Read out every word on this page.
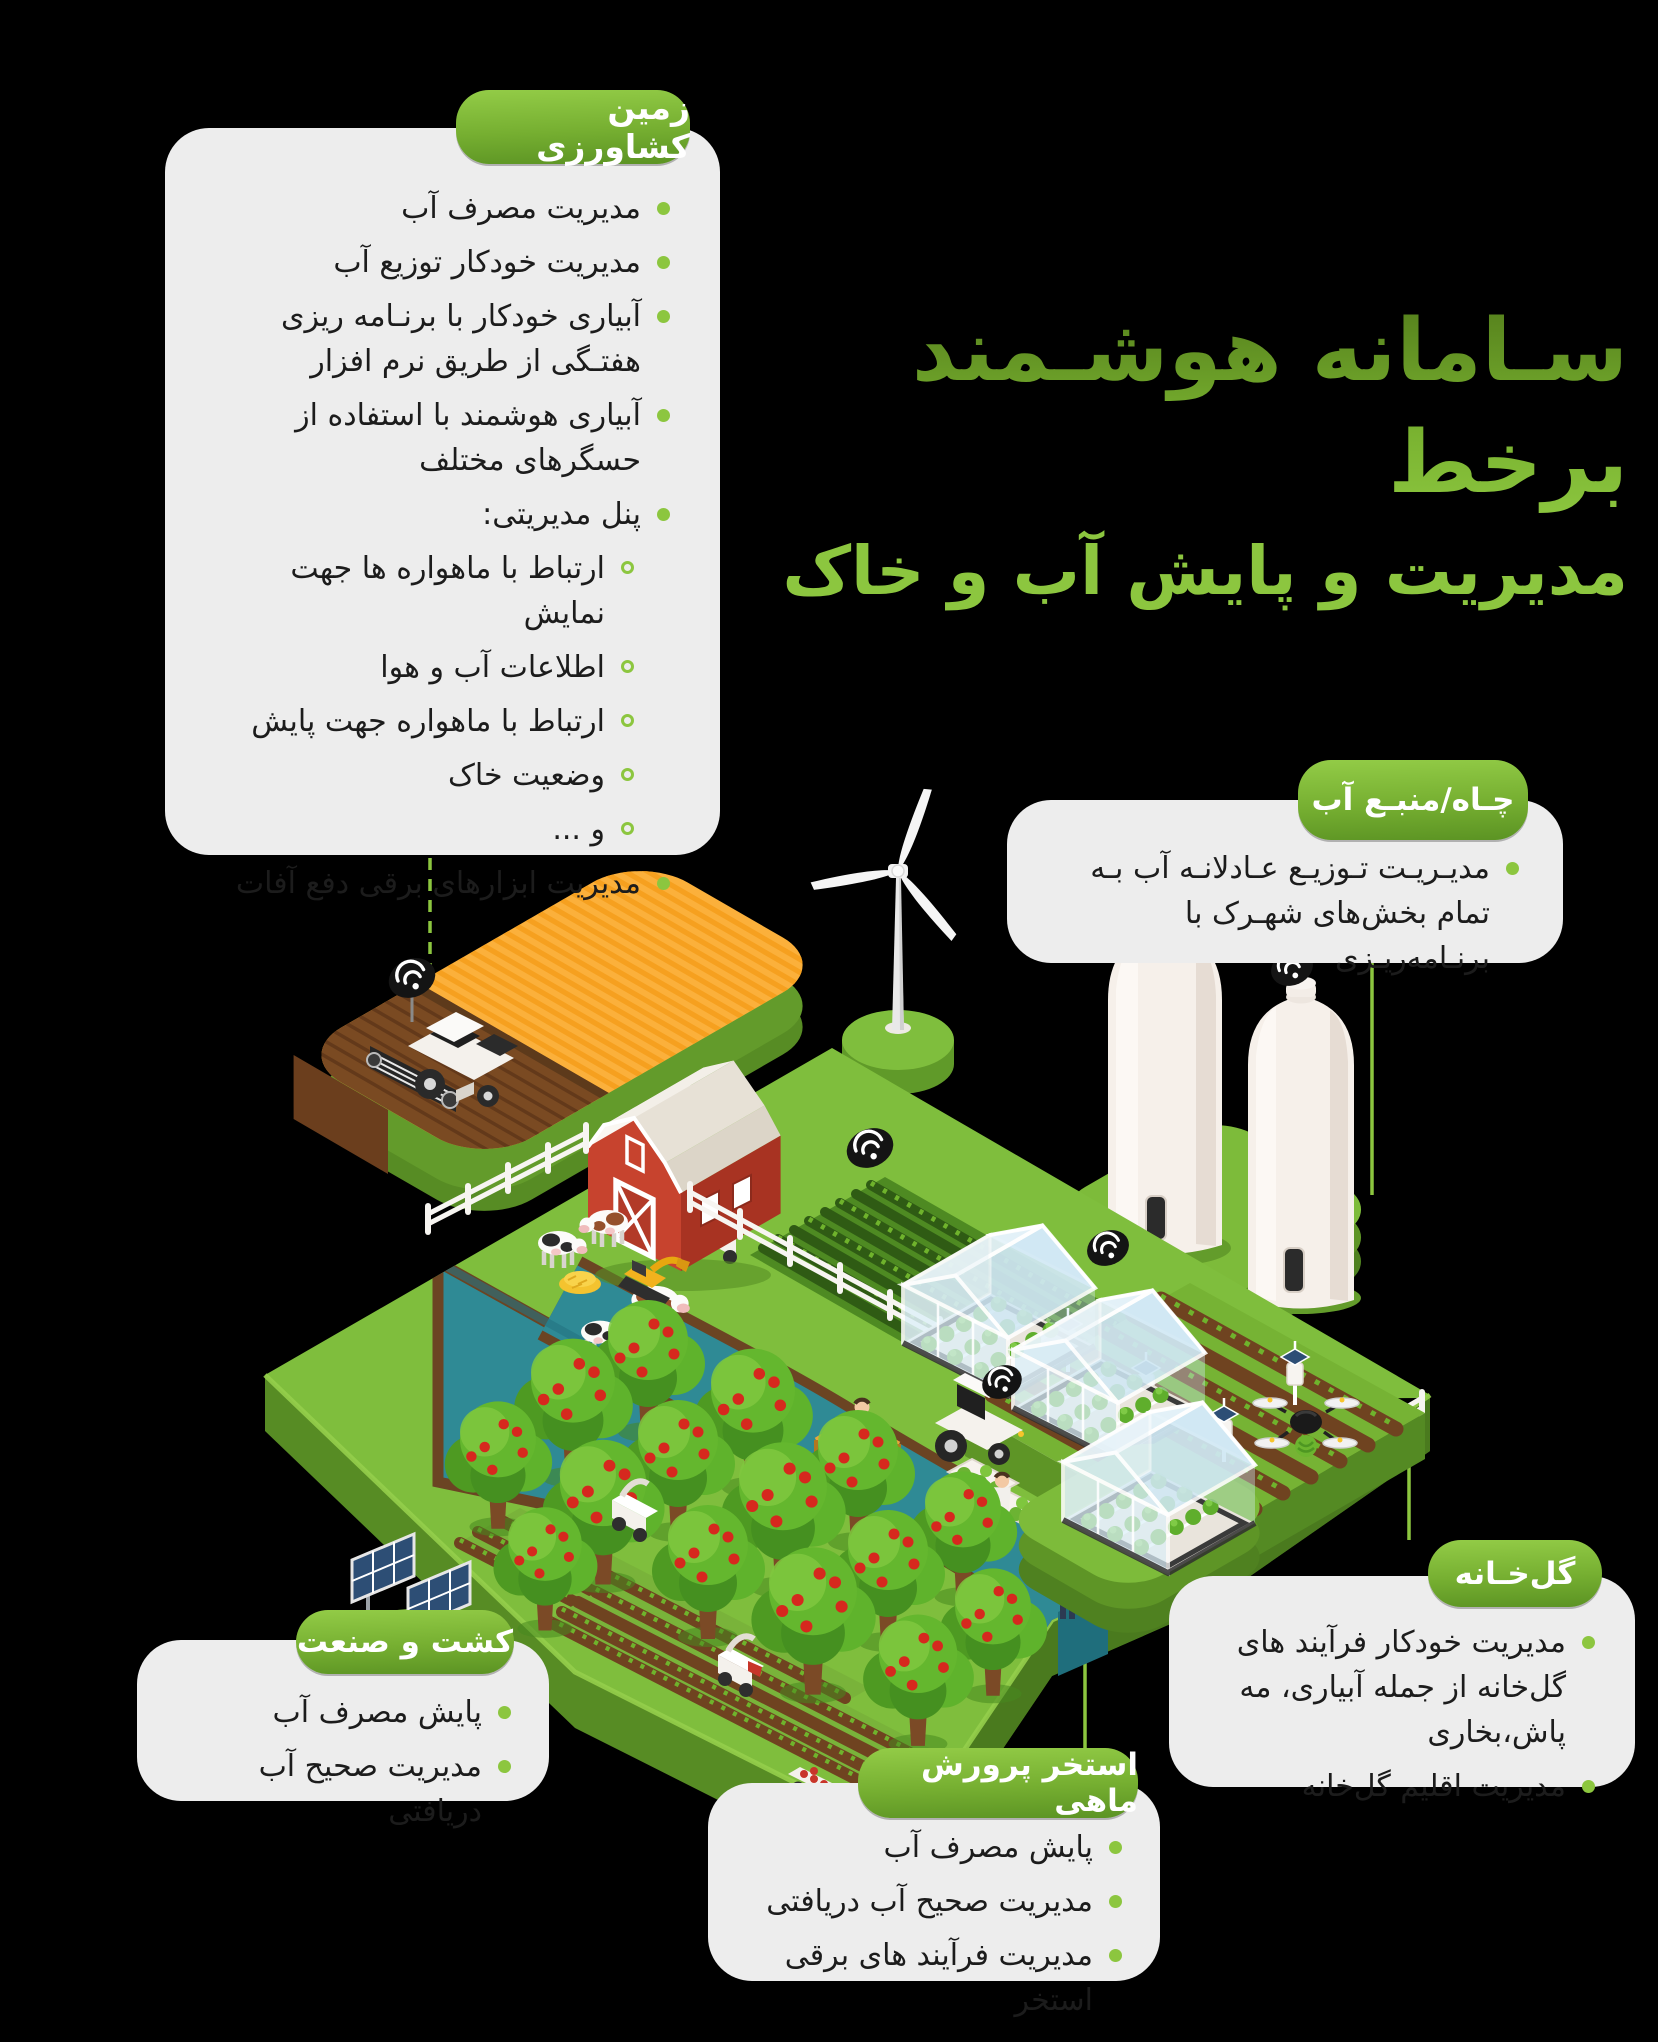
سـامانه هوشـمند برخط
مدیریت و پایش آب و خاک
مدیریت مصرف آب
مدیریت خودکار توزیع آب
آبیاری خودکار با برنـامه ریزی هفتـگی از طریق نرم افزار
آبیاری هوشمند با استفاده از حسگرهای مختلف
پنل مدیریتی:
ارتباط با ماهواره ها جهت نمایش
اطلاعات آب و هوا
ارتباط با ماهواره جهت پایش
وضعیت خاک
و ...
مدیریت ابزارهای برقی دفع آفات
زمین کشاورزی
مدیـریـت تـوزیـع عـادلانـه آب بـه تمام بخش‌های شهـرک با برنـامه‌ریـزی
چـاه/منبـع آب
مدیریت خودکار فرآیند های گل‌خانه از جمله آبیاری، مه پاش،بخاری
مدیریت اقلیم گل‌خانه
گل‌خـانه
پایش مصرف آب
مدیریت صحیح آب دریافتی
کشت و صنعت
پایش مصرف آب
مدیریت صحیح آب دریافتی
مدیریت فرآیند های برقی استخر
استخر پرورش ماهی
